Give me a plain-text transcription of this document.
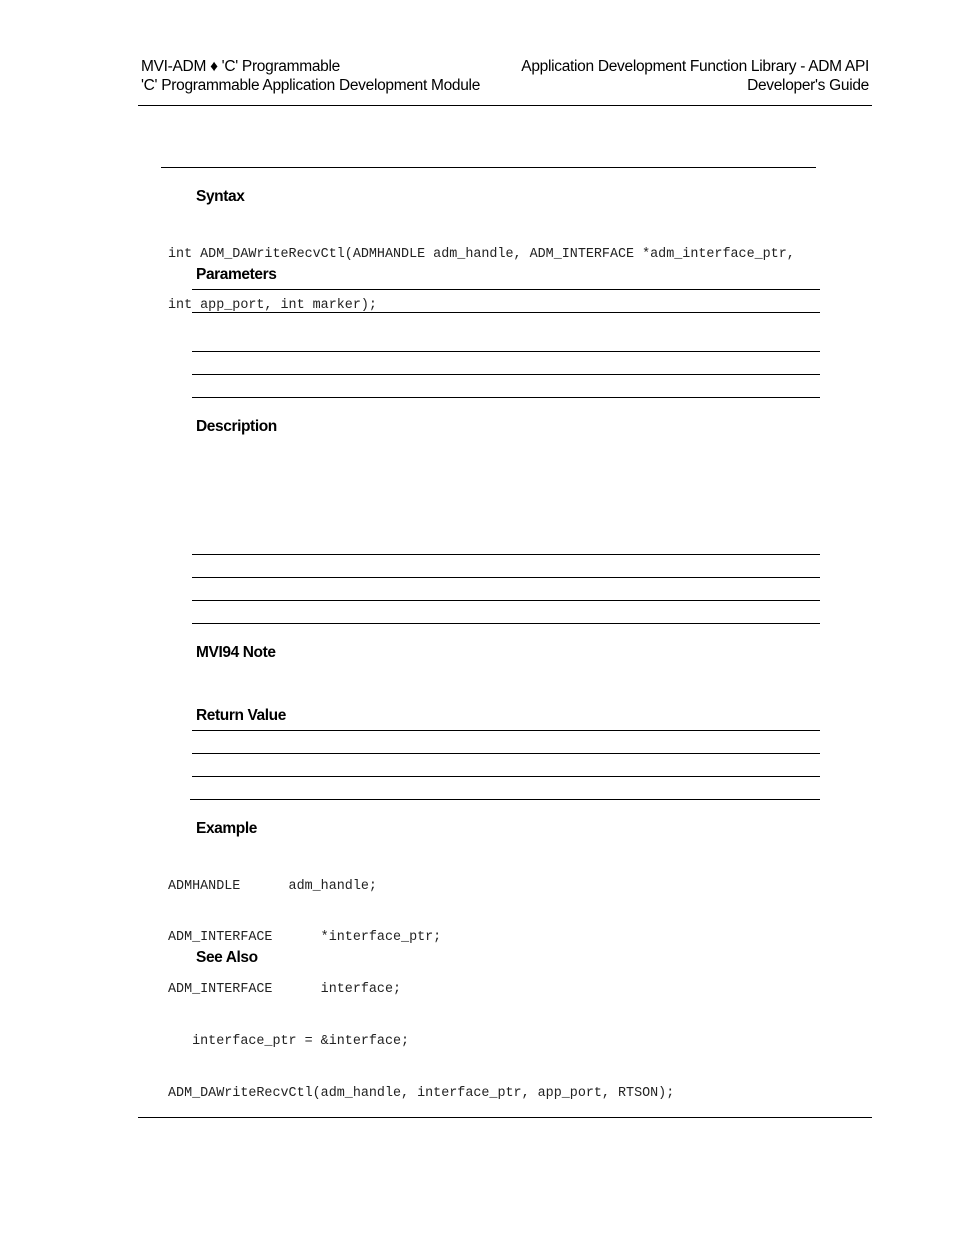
MVI-ADM ♦ 'C' Programmable
'C' Programmable Application Development Module
Application Development Function Library - ADM API
Developer's Guide
Syntax

int ADM_DAWriteRecvCtl(ADMHANDLE adm_handle, ADM_INTERFACE *adm_interface_ptr,

int app_port, int marker);

Parameters
Description
MVI94 Note
Return Value
Example

ADMHANDLE      adm_handle;

ADM_INTERFACE      *interface_ptr;

ADM_INTERFACE      interface;

interface_ptr = &interface;

ADM_DAWriteRecvCtl(adm_handle, interface_ptr, app_port, RTSON);

See Also
